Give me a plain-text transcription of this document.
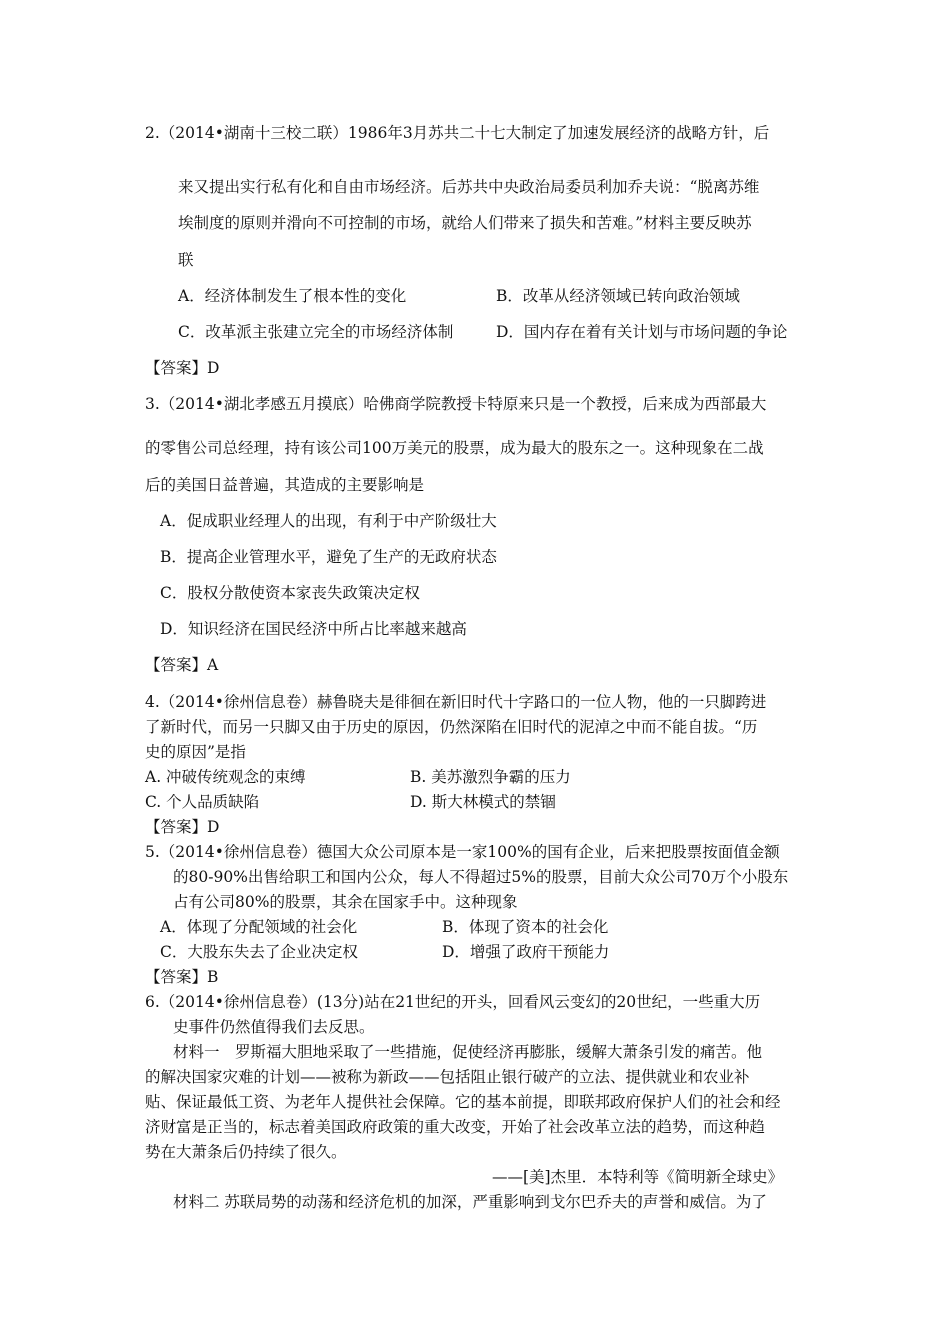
2.（2014•湖南十三校二联）1986年3月苏共二十七大制定了加速发展经济的战略方针，后
来又提出实行私有化和自由市场经济。后苏共中央政治局委员利加乔夫说：“脱离苏维
埃制度的原则并滑向不可控制的市场，就给人们带来了损失和苦难。”材料主要反映苏
联
A．经济体制发生了根本性的变化	B．改革从经济领域已转向政治领域
C．改革派主张建立完全的市场经济体制	D．国内存在着有关计划与市场问题的争论
【答案】D
3.（2014•湖北孝感五月摸底）哈佛商学院教授卡特原来只是一个教授，后来成为西部最大
的零售公司总经理，持有该公司100万美元的股票，成为最大的股东之一。这种现象在二战
后的美国日益普遍，其造成的主要影响是
A．促成职业经理人的出现，有利于中产阶级壮大
B．提高企业管理水平，避免了生产的无政府状态
C．股权分散使资本家丧失政策决定权
D．知识经济在国民经济中所占比率越来越高
【答案】A
4.（2014•徐州信息卷）赫鲁晓夫是徘徊在新旧时代十字路口的一位人物，他的一只脚跨进
了新时代，而另一只脚又由于历史的原因，仍然深陷在旧时代的泥淖之中而不能自拔。“历
史的原因”是指
A. 冲破传统观念的束缚	B. 美苏激烈争霸的压力
C. 个人品质缺陷	D. 斯大林模式的禁锢
【答案】D
5.（2014•徐州信息卷）德国大众公司原本是一家100%的国有企业，后来把股票按面值金额
的80-90%出售给职工和国内公众，每人不得超过5%的股票，目前大众公司70万个小股东
占有公司80%的股票，其余在国家手中。这种现象
A．体现了分配领域的社会化	B．体现了资本的社会化
C．大股东失去了企业决定权	D．增强了政府干预能力
【答案】B
6.（2014•徐州信息卷）(13分)站在21世纪的开头，回看风云变幻的20世纪，一些重大历
史事件仍然值得我们去反思。
材料一　罗斯福大胆地采取了一些措施，促使经济再膨胀，缓解大萧条引发的痛苦。他
的解决国家灾难的计划——被称为新政——包括阻止银行破产的立法、提供就业和农业补
贴、保证最低工资、为老年人提供社会保障。它的基本前提，即联邦政府保护人们的社会和经
济财富是正当的，标志着美国政府政策的重大改变，开始了社会改革立法的趋势，而这种趋
势在大萧条后仍持续了很久。
——[美]杰里．本特利等《简明新全球史》
材料二 苏联局势的动荡和经济危机的加深，严重影响到戈尔巴乔夫的声誉和威信。为了
